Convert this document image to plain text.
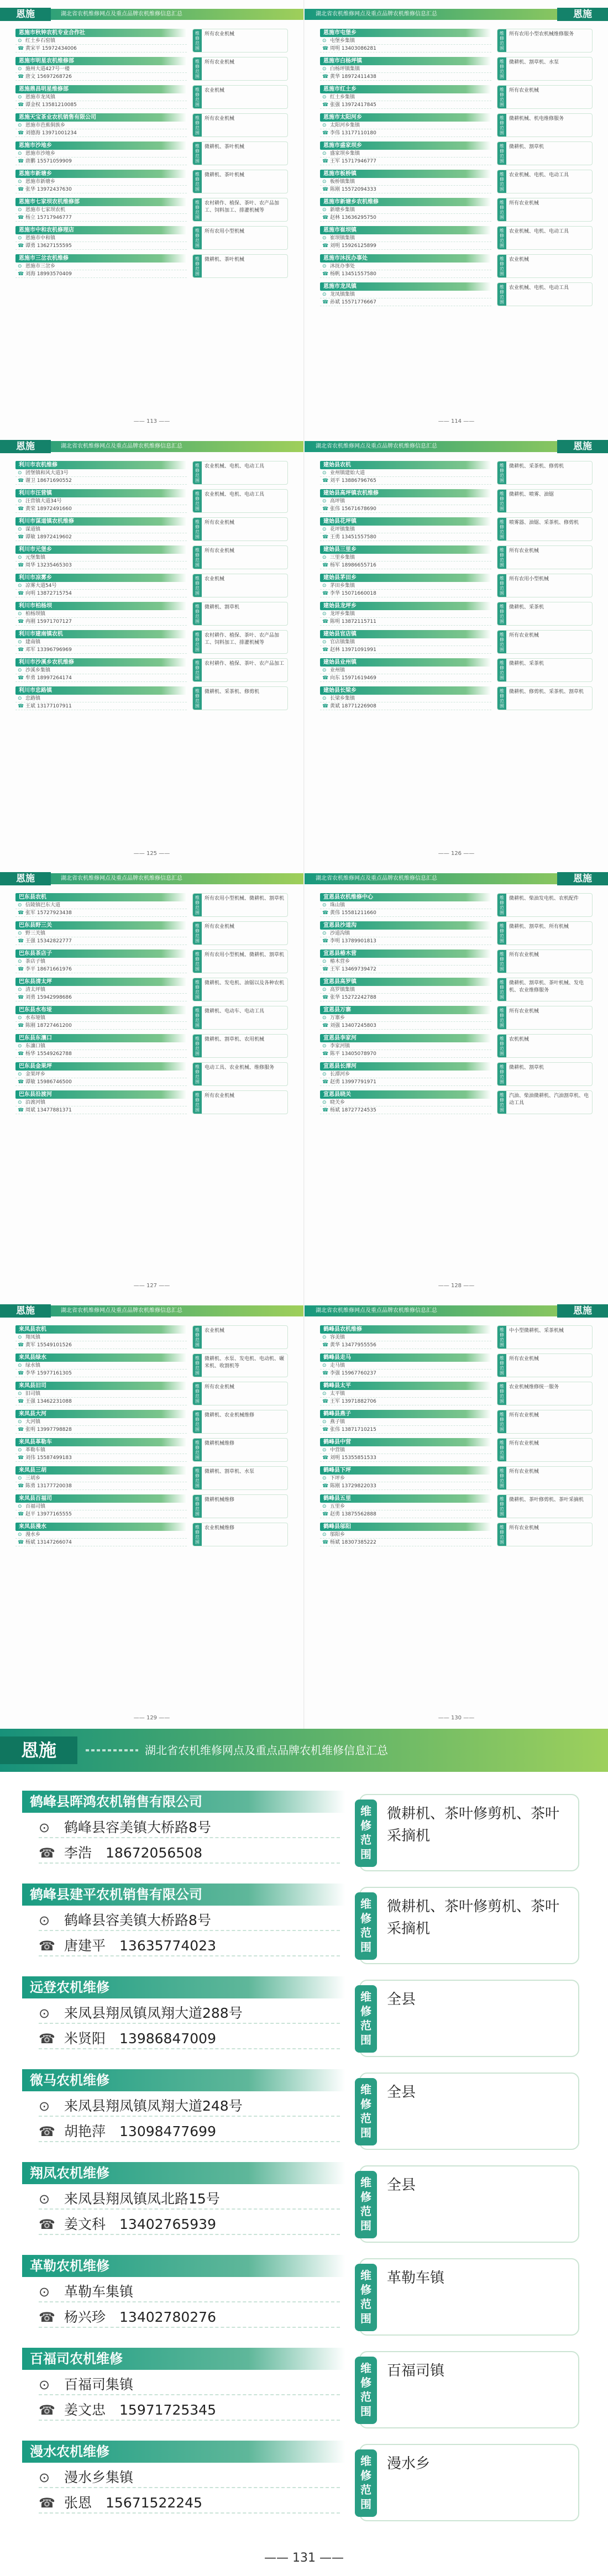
恩施	湖北省农机维修网点及重点品牌农机维修信息汇总
恩施市秋钟农机专业合作社
⊙ 红土乡石窑镇
☎ 黄宋平 15972434006
维
修
范
围
所有农业机械
恩施市明星农机维修部
⊙ 施州大道427号一楼
☎ 唐文 15697268726
维
修
范
围
所有农业机械
恩施鼎昌明星维修部
⊙ 恩施市龙凤镇
☎ 谭金权 13581210085
维
修
范
围
农业机械
恩施天宝茶业农机销售有限公司
⊙ 恩施市芭蕉侗族乡
☎ 刘德海 13971001234
维
修
范
围
所有农业机械
恩施市沙地乡
⊙ 恩施市沙地乡
☎ 唐鹏 15571059909
维
修
范
围
微耕机、茶叶机械
恩施市新塘乡
⊙ 恩施市新塘乡
☎ 张华 13972437630
维
修
范
围
微耕机、茶叶机械
恩施市七家坝农机维修部
⊙ 恩施市七家坝农机
☎ 杨立 15717946777
维
修
范
围
农村耕作、植保、茶叶、农产品加工、饲料加工、排灌机械等
恩施市中和农机修理店
⊙ 恩施市中和镇
☎ 谭勇 13627155595
维
修
范
围
所有农用小型机械
恩施市三岔农机维修
⊙ 恩施市三岔乡
☎ 刘海 18993570409
维
修
范
围
微耕机、茶叶机械
—— 113 ——
恩施
湖北省农机维修网点及重点品牌农机维修信息汇总
恩施市屯堡乡
⊙ 屯堡乡集镇
☎ 周明 13403086281
维
修
范
围
所有农用小型农机械维修服务
恩施市白杨坪镇
⊙ 白杨坪镇集镇
☎ 黄华 18972411438
维
修
范
围
微耕机、割草机、水泵
恩施市红土乡
⊙ 红土乡集镇
☎ 张强 13972417845
维
修
范
围
所有农业机械
恩施市太阳河乡
⊙ 太阳河乡集镇
☎ 李伟 13177110180
维
修
范
围
微耕机械、机电维修服务
恩施市盛家坝乡
⊙ 盛家坝乡集镇
☎ 王军 15717946777
维
修
范
围
微耕机、割草机
恩施市板桥镇
⊙ 板桥镇集镇
☎ 陈刚 15572094333
维
修
范
围
农业机械、电机、电动工具
恩施市新塘乡农机维修
⊙ 新塘乡集镇
☎ 赵林 13636295750
维
修
范
围
所有农业机械
恩施市崔坝镇
⊙ 崔坝镇集镇
☎ 刘明 15926125899
维
修
范
围
农业机械、电机、电动工具
恩施市沐抚办事处
⊙ 沐抚办事处
☎ 杨帆 13451557580
维
修
范
围
农业机械
恩施市龙凤镇
⊙ 龙凤镇集镇
☎ 孙斌 15571776667
维
修
范
围
农业机械、电机、电动工具
—— 114 ——
恩施	湖北省农机维修网点及重点品牌农机维修信息汇总
利川市农机维修
⊙ 团堡镇和风大道3号
☎ 谢卫 18671690552
维
修
范
围
农业机械、电机、电动工具
利川市汪营镇
⊙ 汪营镇大道34号
☎ 黄荣 18972491660
维
修
范
围
农业机械、电机、电动工具
利川市谋道镇农机维修
⊙ 谋道镇
☎ 谭敏 18972419602
维
修
范
围
所有农业机械
利川市元堡乡
⊙ 元堡集镇
☎ 周华 13235465303
维
修
范
围
所有农业机械
利川市凉雾乡
⊙ 凉雾大道54号
☎ 向明 13872715754
维
修
范
围
农业机械
利川市柏杨坝
⊙ 柏杨坝镇
☎ 冉刚 15971707127
维
修
范
围
微耕机、割草机
利川市建南镇农机
⊙ 建南镇
☎ 邓军 13396796969
维
修
范
围
农村耕作、植保、茶叶、农产品加工、饲料加工、排灌机械等
利川市沙溪乡农机维修
⊙ 沙溪乡集镇
☎ 牟勇 18997264174
维
修
范
围
农村耕作、植保、茶叶、农产品加工
利川市忠路镇
⊙ 忠路镇
☎ 王斌 13177107911
维
修
范
围
微耕机、采茶机、修剪机
—— 125 ——
恩施
湖北省农机维修网点及重点品牌农机维修信息汇总
建始县农机
⊙ 业州镇建始大道
☎ 刘平 13886796765
维
修
范
围
微耕机、采茶机、修剪机
建始县高坪镇农机维修
⊙ 高坪镇
☎ 张伟 15671678690
维
修
范
围
微耕机、喷雾、油锯
建始县花坪镇
⊙ 花坪镇集镇
☎ 王勇 13451557580
维
修
范
围
喷雾器、油锯、采茶机、修剪机
建始县三里乡
⊙ 三里乡集镇
☎ 杨军 18986655716
维
修
范
围
所有农业机械
建始县茅田乡
⊙ 茅田乡集镇
☎ 李华 15071660018
维
修
范
围
所有农用小型机械
建始县龙坪乡
⊙ 龙坪乡集镇
☎ 陈明 13872115711
维
修
范
围
微耕机、采茶机
建始县官店镇
⊙ 官店镇集镇
☎ 赵林 13971091991
维
修
范
围
所有农业机械
建始县业州镇
⊙ 业州镇
☎ 向东 15971619469
维
修
范
围
微耕机、采茶机
建始县长梁乡
⊙ 长梁乡集镇
☎ 黄斌 18771226908
维
修
范
围
微耕机、修剪机、采茶机、割草机
—— 126 ——
恩施	湖北省农机维修网点及重点品牌农机维修信息汇总
巴东县农机
⊙ 信陵镇巴东大道
☎ 张军 15727923438
维
修
范
围
所有农用小型机械、微耕机、割草机
巴东县野三关
⊙ 野三关镇
☎ 王强 15342822777
维
修
范
围
所有农业机械
巴东县茶店子
⊙ 茶店子镇
☎ 李平 18671661976
维
修
范
围
所有农用小型机械、微耕机、割草机
巴东县清太坪
⊙ 清太坪镇
☎ 刘勇 15942998686
维
修
范
围
微耕机、发电机、油锯以及各种农机
巴东县水布垭
⊙ 水布垭镇
☎ 陈刚 18727461200
维
修
范
围
微耕机、电动车、电动工具
巴东县东瀼口
⊙ 东瀼口镇
☎ 杨华 15549262788
维
修
范
围
微耕机、割草机、农用机械
巴东县金果坪
⊙ 金果坪乡
☎ 谭敏 15986746500
维
修
范
围
电动工具、农业机械、维修服务
巴东县沿渡河
⊙ 沿渡河镇
☎ 周斌 13477881371
维
修
范
围
所有农业机械
—— 127 ——
恩施
湖北省农机维修网点及重点品牌农机维修信息汇总
宣恩县农机维修中心
⊙ 珠山镇
☎ 黄伟 15581211660
维
修
范
围
微耕机、柴油发电机、农机配件
宣恩县沙道沟
⊙ 沙道沟镇
☎ 李明 13789901813
维
修
范
围
微耕机、割草机、所有机械
宣恩县椿木营
⊙ 椿木营乡
☎ 王军 13469739472
维
修
范
围
所有农业机械
宣恩县高罗镇
⊙ 高罗镇集镇
☎ 张华 15272242788
维
修
范
围
微耕机、割草机、茶叶机械、发电机、农业维修服务
宣恩县万寨
⊙ 万寨乡
☎ 刘强 13407245803
维
修
范
围
所有农业机械
宣恩县李家河
⊙ 李家河镇
☎ 陈平 13405078970
维
修
范
围
农机机械
宣恩县长潭河
⊙ 长潭河乡
☎ 赵勇 13997791971
维
修
范
围
微耕机、割草机
宣恩县晓关
⊙ 晓关乡
☎ 杨斌 18727724535
维
修
范
围
汽油、柴油微耕机、汽油割草机、电动工具
—— 128 ——
恩施	湖北省农机维修网点及重点品牌农机维修信息汇总
来凤县农机
⊙ 翔凤镇
☎ 黄军 15549101526
维
修
范
围
农业机械
来凤县绿水
⊙ 绿水镇
☎ 李华 15977161305
维
修
范
围
微耕机、水泵、发电机、电动机、碾米机、收割机等
来凤县旧司
⊙ 旧司镇
☎ 王强 13462231088
维
修
范
围
所有农业机械
来凤县大河
⊙ 大河镇
☎ 张明 13997798828
维
修
范
围
微耕机、农业机械维修
来凤县革勒车
⊙ 革勒车镇
☎ 刘伟 15587499183
维
修
范
围
微耕机械维修
来凤县三胡
⊙ 三胡乡
☎ 陈勇 13177720038
维
修
范
围
微耕机、割草机、水泵
来凤县百福司
⊙ 百福司镇
☎ 赵平 13977165555
维
修
范
围
微耕机械维修
来凤县漫水
⊙ 漫水乡
☎ 杨斌 13147266074
维
修
范
围
农业机械维修
—— 129 ——
恩施
湖北省农机维修网点及重点品牌农机维修信息汇总
鹤峰县农机维修
⊙ 容美镇
☎ 黄华 13477955556
维
修
范
围
中小型微耕机、采茶机械
鹤峰县走马
⊙ 走马镇
☎ 李强 15967760237
维
修
范
围
所有农业机械
鹤峰县太平
⊙ 太平镇
☎ 王军 13971882706
维
修
范
围
农业机械维修统一服务
鹤峰县燕子
⊙ 燕子镇
☎ 张伟 13871710215
维
修
范
围
所有农业机械
鹤峰县中营
⊙ 中营镇
☎ 刘明 15355851533
维
修
范
围
所有农业机械
鹤峰县下坪
⊙ 下坪乡
☎ 陈刚 13729822033
维
修
范
围
所有农业机械
鹤峰县五里
⊙ 五里乡
☎ 赵勇 13875562888
维
修
范
围
微耕机、茶叶修剪机、茶叶采摘机
鹤峰县邬阳
⊙ 邬阳乡
☎ 杨斌 18307385222
维
修
范
围
所有农业机械
—— 130 ——
恩施	湖北省农机维修网点及重点品牌农机维修信息汇总
鹤峰县晖鸿农机销售有限公司
⊙ 鹤峰县容美镇大桥路8号
☎ 李浩　 18672056508
维
修
范
围
微耕机、茶叶修剪机、茶叶采摘机
鹤峰县建平农机销售有限公司
⊙ 鹤峰县容美镇大桥路8号
☎ 唐建平　 13635774023
维
修
范
围
微耕机、茶叶修剪机、茶叶采摘机
远登农机维修
⊙ 来凤县翔凤镇凤翔大道288号
☎ 米贤阳　 13986847009
维
修
范
围
全县
微马农机维修
⊙ 来凤县翔凤镇凤翔大道248号
☎ 胡艳萍　 13098477699
维
修
范
围
全县
翔凤农机维修
⊙ 来凤县翔凤镇凤北路15号
☎ 姜文科　 13402765939
维
修
范
围
全县
革勒农机维修
⊙ 革勒车集镇
☎ 杨兴珍　 13402780276
维
修
范
围
革勒车镇
百福司农机维修
⊙ 百福司集镇
☎ 姜文忠　 15971725345
维
修
范
围
百福司镇
漫水农机维修
⊙ 漫水乡集镇
☎ 张恩　 15671522245
维
修
范
围
漫水乡
—— 131 ——
